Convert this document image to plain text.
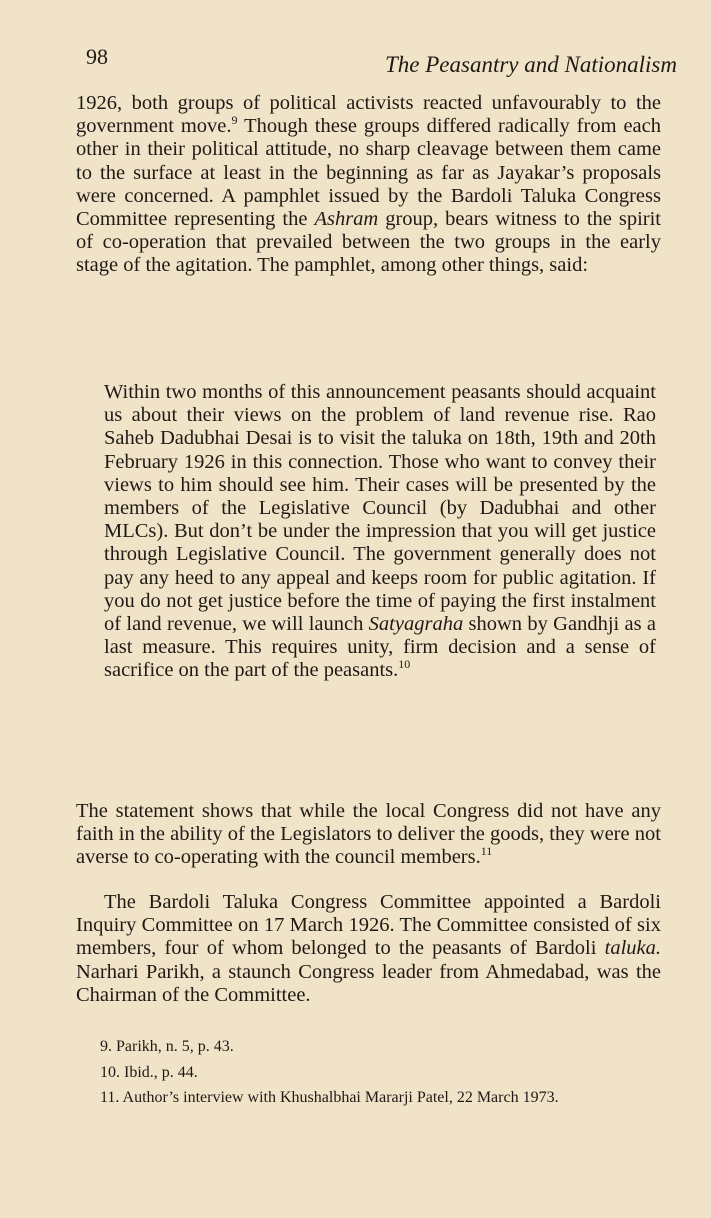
98	The Peasantry and Nationalism

1926, both groups of political activists reacted unfavourably to the government move.$^9$ Though these groups differed radically from each other in their political attitude, no sharp cleavage between them came to the surface at least in the beginning as far as Jayakar’s proposals were concerned. A pamphlet issued by the Bardoli Taluka Congress Committee representing the Ashram group, bears witness to the spirit of co-operation that prevailed between the two groups in the early stage of the agitation. The pamphlet, among other things, said:

Within two months of this announcement peasants should acquaint us about their views on the problem of land revenue rise. Rao Saheb Dadubhai Desai is to visit the taluka on 18th, 19th and 20th February 1926 in this connection. Those who want to convey their views to him should see him. Their cases will be presented by the members of the Legislative Council (by Dadubhai and other MLCs). But don’t be under the impression that you will get justice through Legislative Council. The government generally does not pay any heed to any appeal and keeps room for public agitation. If you do not get justice before the time of paying the first instalment of land revenue, we will launch Satyagraha shown by Gandhji as a last measure. This requires unity, firm decision and a sense of sacrifice on the part of the peasants.$^{10}$

The statement shows that while the local Congress did not have any faith in the ability of the Legislators to deliver the goods, they were not averse to co-operating with the council members.$^{11}$

The Bardoli Taluka Congress Committee appointed a Bardoli Inquiry Committee on 17 March 1926. The Committee consisted of six members, four of whom belonged to the peasants of Bardoli taluka. Narhari Parikh, a staunch Congress leader from Ahmedabad, was the Chairman of the Committee.

9. Parikh, n. 5, p. 43.
10. Ibid., p. 44.
11. Author’s interview with Khushalbhai Mararji Patel, 22 March 1973.
